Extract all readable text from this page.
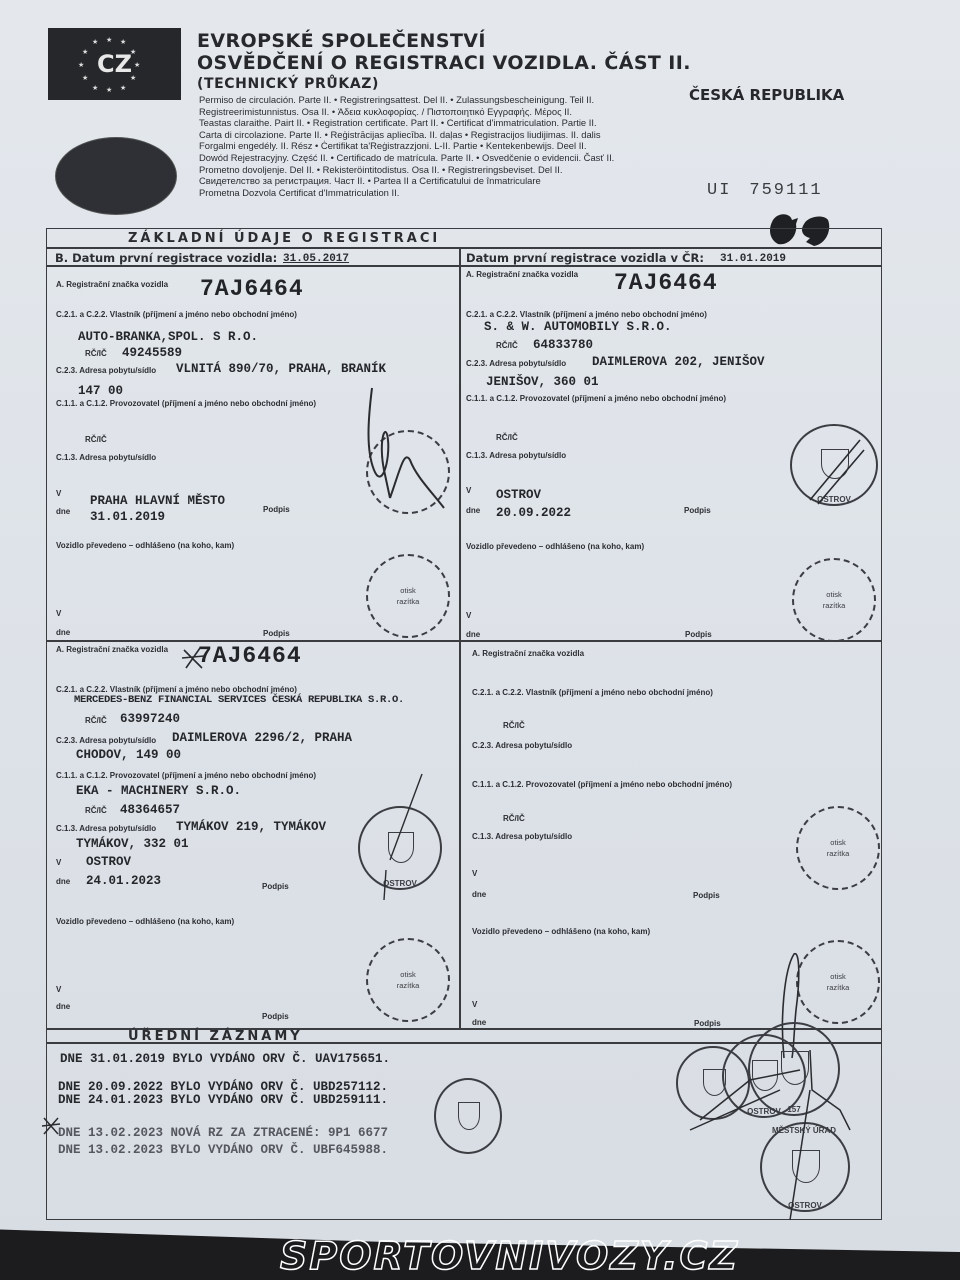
★ ★
★
★
★
★
★
★
★
★
★
★
CZ
EVROPSKÉ SPOLEČENSTVÍ
OSVĚDČENÍ O REGISTRACI VOZIDLA. ČÁST II.
(TECHNICKÝ PRŮKAZ)
Permiso de circulación. Parte II. • Registreringsattest. Del II. • Zulassungsbescheinigung. Teil II.
Registreerimistunnistus. Osa II. • Άδεια κυκλοφορίας. / Πιστοποιητικό Εγγραφής. Μέρος II.
Teastas claraithe. Pairt II. • Registration certificate. Part II. • Certificat d'immatriculation. Partie II.
Carta di circolazione. Parte II. • Reģistrācijas apliecība. II. daļas • Registracijos liudijimas. II. dalis
Forgalmi engedély. II. Rész • Ċertifikat ta'Reġistrazzjoni. L-II. Partie • Kentekenbewijs. Deel II.
Dowód Rejestracyjny. Część II. • Certificado de matrícula. Parte II. • Osvedčenie o evidencii. Časť II.
Prometno dovoljenje. Del II. • Rekisteröintitodistus. Osa II. • Registreringsbeviset. Del II.
Свидетелство за регистрация. Част II. • Partea II a Certificatului de înmatriculare
Prometna Dozvola Certificat d'Immatriculation II.
ČESKÁ REPUBLIKA
UI 759111
ZÁKLADNÍ ÚDAJE O REGISTRACI
B. Datum první registrace vozidla: 31.05.2017	Datum první registrace vozidla v ČR: 31.01.2019
A. Registrační značka vozidla 7AJ6464
C.2.1. a C.2.2. Vlastník (příjmení a jméno nebo obchodní jméno)
AUTO-BRANKA,SPOL. S R.O.
RČ/IČ 49245589
C.2.3. Adresa pobytu/sídlo VLNITÁ 890/70, PRAHA, BRANÍK
147 00
C.1.1. a C.1.2. Provozovatel (příjmení a jméno nebo obchodní jméno)
RČ/IČ
C.1.3. Adresa pobytu/sídlo
V
PRAHA HLAVNÍ MĚSTO
dne 31.01.2019
Podpis
Vozidlo převedeno – odhlášeno (na koho, kam)
V
dne	Podpis
otisk
razítka
A. Registrační značka vozidla 7AJ6464
C.2.1. a C.2.2. Vlastník (příjmení a jméno nebo obchodní jméno)
S. & W. AUTOMOBILY S.R.O.
RČ/IČ 64833780
C.2.3. Adresa pobytu/sídlo DAIMLEROVA 202, JENIŠOV
JENIŠOV, 360 01
C.1.1. a C.1.2. Provozovatel (příjmení a jméno nebo obchodní jméno)
RČ/IČ
C.1.3. Adresa pobytu/sídlo
V OSTROV
dne 20.09.2022	Podpis
Vozidlo převedeno – odhlášeno (na koho, kam)
V
dne	Podpis
otisk
razítka
OSTROV
A. Registrační značka vozidla 7AJ6464
C.2.1. a C.2.2. Vlastník (příjmení a jméno nebo obchodní jméno)
MERCEDES-BENZ FINANCIAL SERVICES ČESKÁ REPUBLIKA S.R.O.
RČ/IČ 63997240
C.2.3. Adresa pobytu/sídlo DAIMLEROVA 2296/2, PRAHA
CHODOV, 149 00
C.1.1. a C.1.2. Provozovatel (příjmení a jméno nebo obchodní jméno)
EKA - MACHINERY S.R.O.
RČ/IČ 48364657
C.1.3. Adresa pobytu/sídlo TYMÁKOV 219, TYMÁKOV
TYMÁKOV, 332 01
V OSTROV
dne 24.01.2023	Podpis
Vozidlo převedeno – odhlášeno (na koho, kam)
V
dne
Podpis
otisk
razítka
OSTROV
A. Registrační značka vozidla
C.2.1. a C.2.2. Vlastník (příjmení a jméno nebo obchodní jméno)
RČ/IČ
C.2.3. Adresa pobytu/sídlo
C.1.1. a C.1.2. Provozovatel (příjmení a jméno nebo obchodní jméno)
RČ/IČ
C.1.3. Adresa pobytu/sídlo
V
dne	Podpis
Vozidlo převedeno – odhlášeno (na koho, kam)
V
dne	Podpis
otisk
razítka
otisk
razítka
ÚŘEDNÍ ZÁZNAMY
DNE 31.01.2019 BYLO VYDÁNO ORV Č. UAV175651.
DNE 20.09.2022 BYLO VYDÁNO ORV Č. UBD257112.
DNE 24.01.2023 BYLO VYDÁNO ORV Č. UBD259111.
DNE 13.02.2023 NOVÁ RZ ZA ZTRACENÉ: 9P1 6677
DNE 13.02.2023 BYLO VYDÁNO ORV Č. UBF645988.
OSTROV 157
OSTROV
MĚSTSKÝ ÚŘAD
SPORTOVNIVOZY.CZ
